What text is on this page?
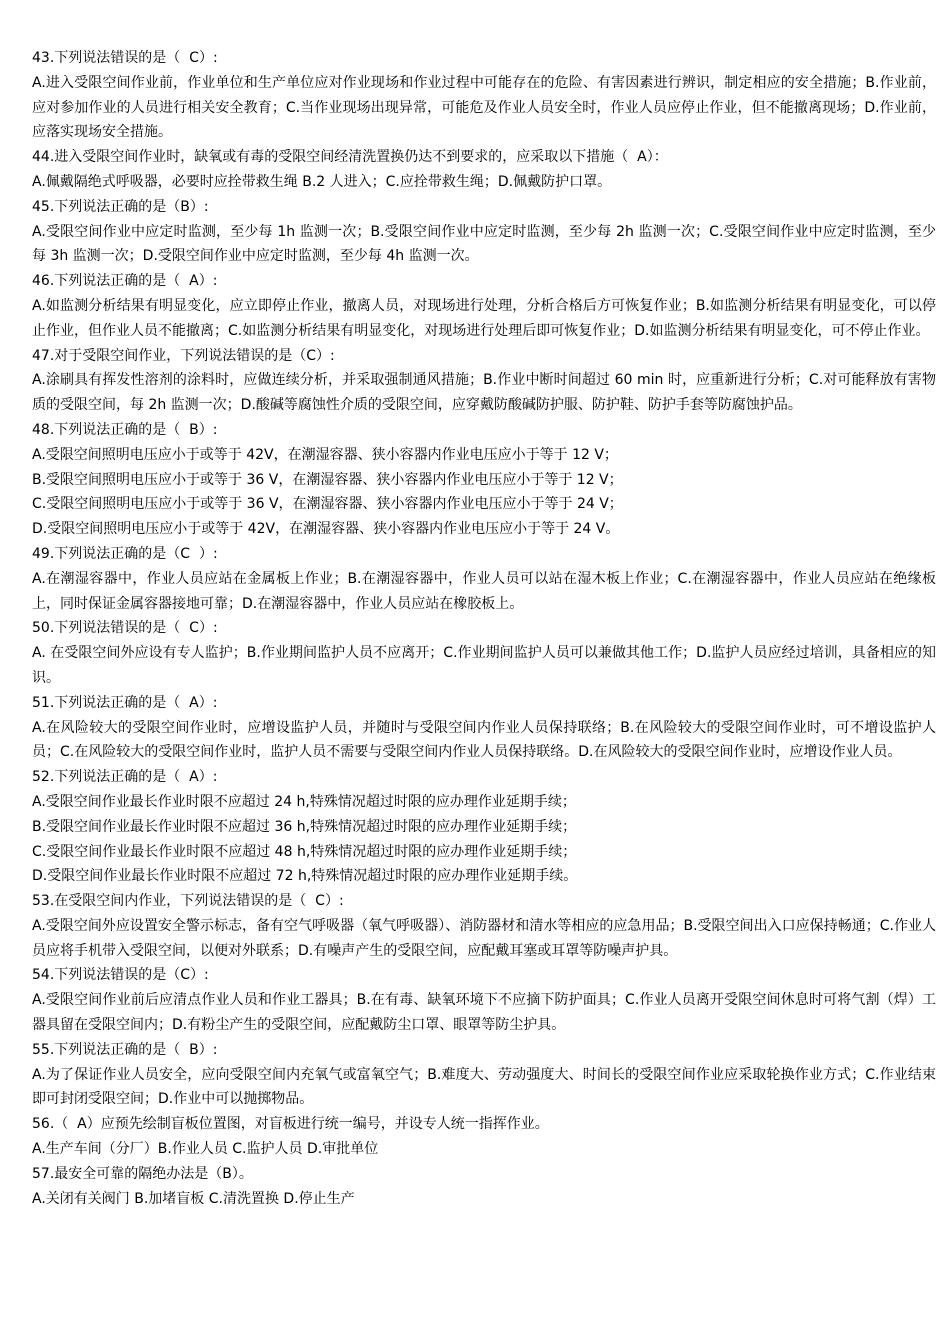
43.下列说法错误的是（  C）:
A.进入受限空间作业前，作业单位和生产单位应对作业现场和作业过程中可能存在的危险、有害因素进行辨识，制定相应的安全措施；B.作业前，应对参加作业的人员进行相关安全教育；C.当作业现场出现异常，可能危及作业人员安全时，作业人员应停止作业，但不能撤离现场；D.作业前，应落实现场安全措施。
44.进入受限空间作业时，缺氧或有毒的受限空间经清洗置换仍达不到要求的，应采取以下措施（  A）：
A.佩戴隔绝式呼吸器，必要时应拴带救生绳 B.2 人进入；C.应拴带救生绳；D.佩戴防护口罩。
45.下列说法正确的是（B）:
A.受限空间作业中应定时监测，至少每 1h 监测一次；B.受限空间作业中应定时监测，至少每 2h 监测一次；C.受限空间作业中应定时监测，至少每 3h 监测一次；D.受限空间作业中应定时监测，至少每 4h 监测一次。
46.下列说法正确的是（  A）:
A.如监测分析结果有明显变化，应立即停止作业，撤离人员，对现场进行处理，分析合格后方可恢复作业；B.如监测分析结果有明显变化，可以停止作业，但作业人员不能撤离；C.如监测分析结果有明显变化，对现场进行处理后即可恢复作业；D.如监测分析结果有明显变化，可不停止作业。
47.对于受限空间作业，下列说法错误的是（C）:
A.涂刷具有挥发性溶剂的涂料时，应做连续分析，并采取强制通风措施；B.作业中断时间超过 60 min 时，应重新进行分析；C.对可能释放有害物质的受限空间，每 2h 监测一次；D.酸碱等腐蚀性介质的受限空间，应穿戴防酸碱防护服、防护鞋、防护手套等防腐蚀护品。
48.下列说法正确的是（  B）:
A.受限空间照明电压应小于或等于 42V，在潮湿容器、狭小容器内作业电压应小于等于 12 V；
B.受限空间照明电压应小于或等于 36 V，在潮湿容器、狭小容器内作业电压应小于等于 12 V；
C.受限空间照明电压应小于或等于 36 V，在潮湿容器、狭小容器内作业电压应小于等于 24 V；
D.受限空间照明电压应小于或等于 42V，在潮湿容器、狭小容器内作业电压应小于等于 24 V。
49.下列说法正确的是（C  ）:
A.在潮湿容器中，作业人员应站在金属板上作业；B.在潮湿容器中，作业人员可以站在湿木板上作业；C.在潮湿容器中，作业人员应站在绝缘板上，同时保证金属容器接地可靠；D.在潮湿容器中，作业人员应站在橡胶板上。
50.下列说法错误的是（  C）:
A. 在受限空间外应设有专人监护；B.作业期间监护人员不应离开；C.作业期间监护人员可以兼做其他工作；D.监护人员应经过培训，具备相应的知识。
51.下列说法正确的是（  A）:
A.在风险较大的受限空间作业时，应增设监护人员，并随时与受限空间内作业人员保持联络；B.在风险较大的受限空间作业时，可不增设监护人员；C.在风险较大的受限空间作业时，监护人员不需要与受限空间内作业人员保持联络。D.在风险较大的受限空间作业时，应增设作业人员。
52.下列说法正确的是（  A）:
A.受限空间作业最长作业时限不应超过 24 h,特殊情况超过时限的应办理作业延期手续；
B.受限空间作业最长作业时限不应超过 36 h,特殊情况超过时限的应办理作业延期手续；
C.受限空间作业最长作业时限不应超过 48 h,特殊情况超过时限的应办理作业延期手续；
D.受限空间作业最长作业时限不应超过 72 h,特殊情况超过时限的应办理作业延期手续。
53.在受限空间内作业，下列说法错误的是（  C）:
A.受限空间外应设置安全警示标志，备有空气呼吸器（氧气呼吸器）、消防器材和清水等相应的应急用品；B.受限空间出入口应保持畅通；C.作业人员应将手机带入受限空间，以便对外联系；D.有噪声产生的受限空间，应配戴耳塞或耳罩等防噪声护具。
54.下列说法错误的是（C）:
A.受限空间作业前后应清点作业人员和作业工器具；B.在有毒、缺氧环境下不应摘下防护面具；C.作业人员离开受限空间休息时可将气割（焊）工器具留在受限空间内；D.有粉尘产生的受限空间，应配戴防尘口罩、眼罩等防尘护具。
55.下列说法正确的是（  B）:
A.为了保证作业人员安全，应向受限空间内充氧气或富氧空气；B.难度大、劳动强度大、时间长的受限空间作业应采取轮换作业方式；C.作业结束即可封闭受限空间；D.作业中可以抛掷物品。
56.（  A）应预先绘制盲板位置图，对盲板进行统一编号，并设专人统一指挥作业。
A.生产车间（分厂）B.作业人员 C.监护人员 D.审批单位
57.最安全可靠的隔绝办法是（B）。
A.关闭有关阀门 B.加堵盲板 C.清洗置换 D.停止生产
